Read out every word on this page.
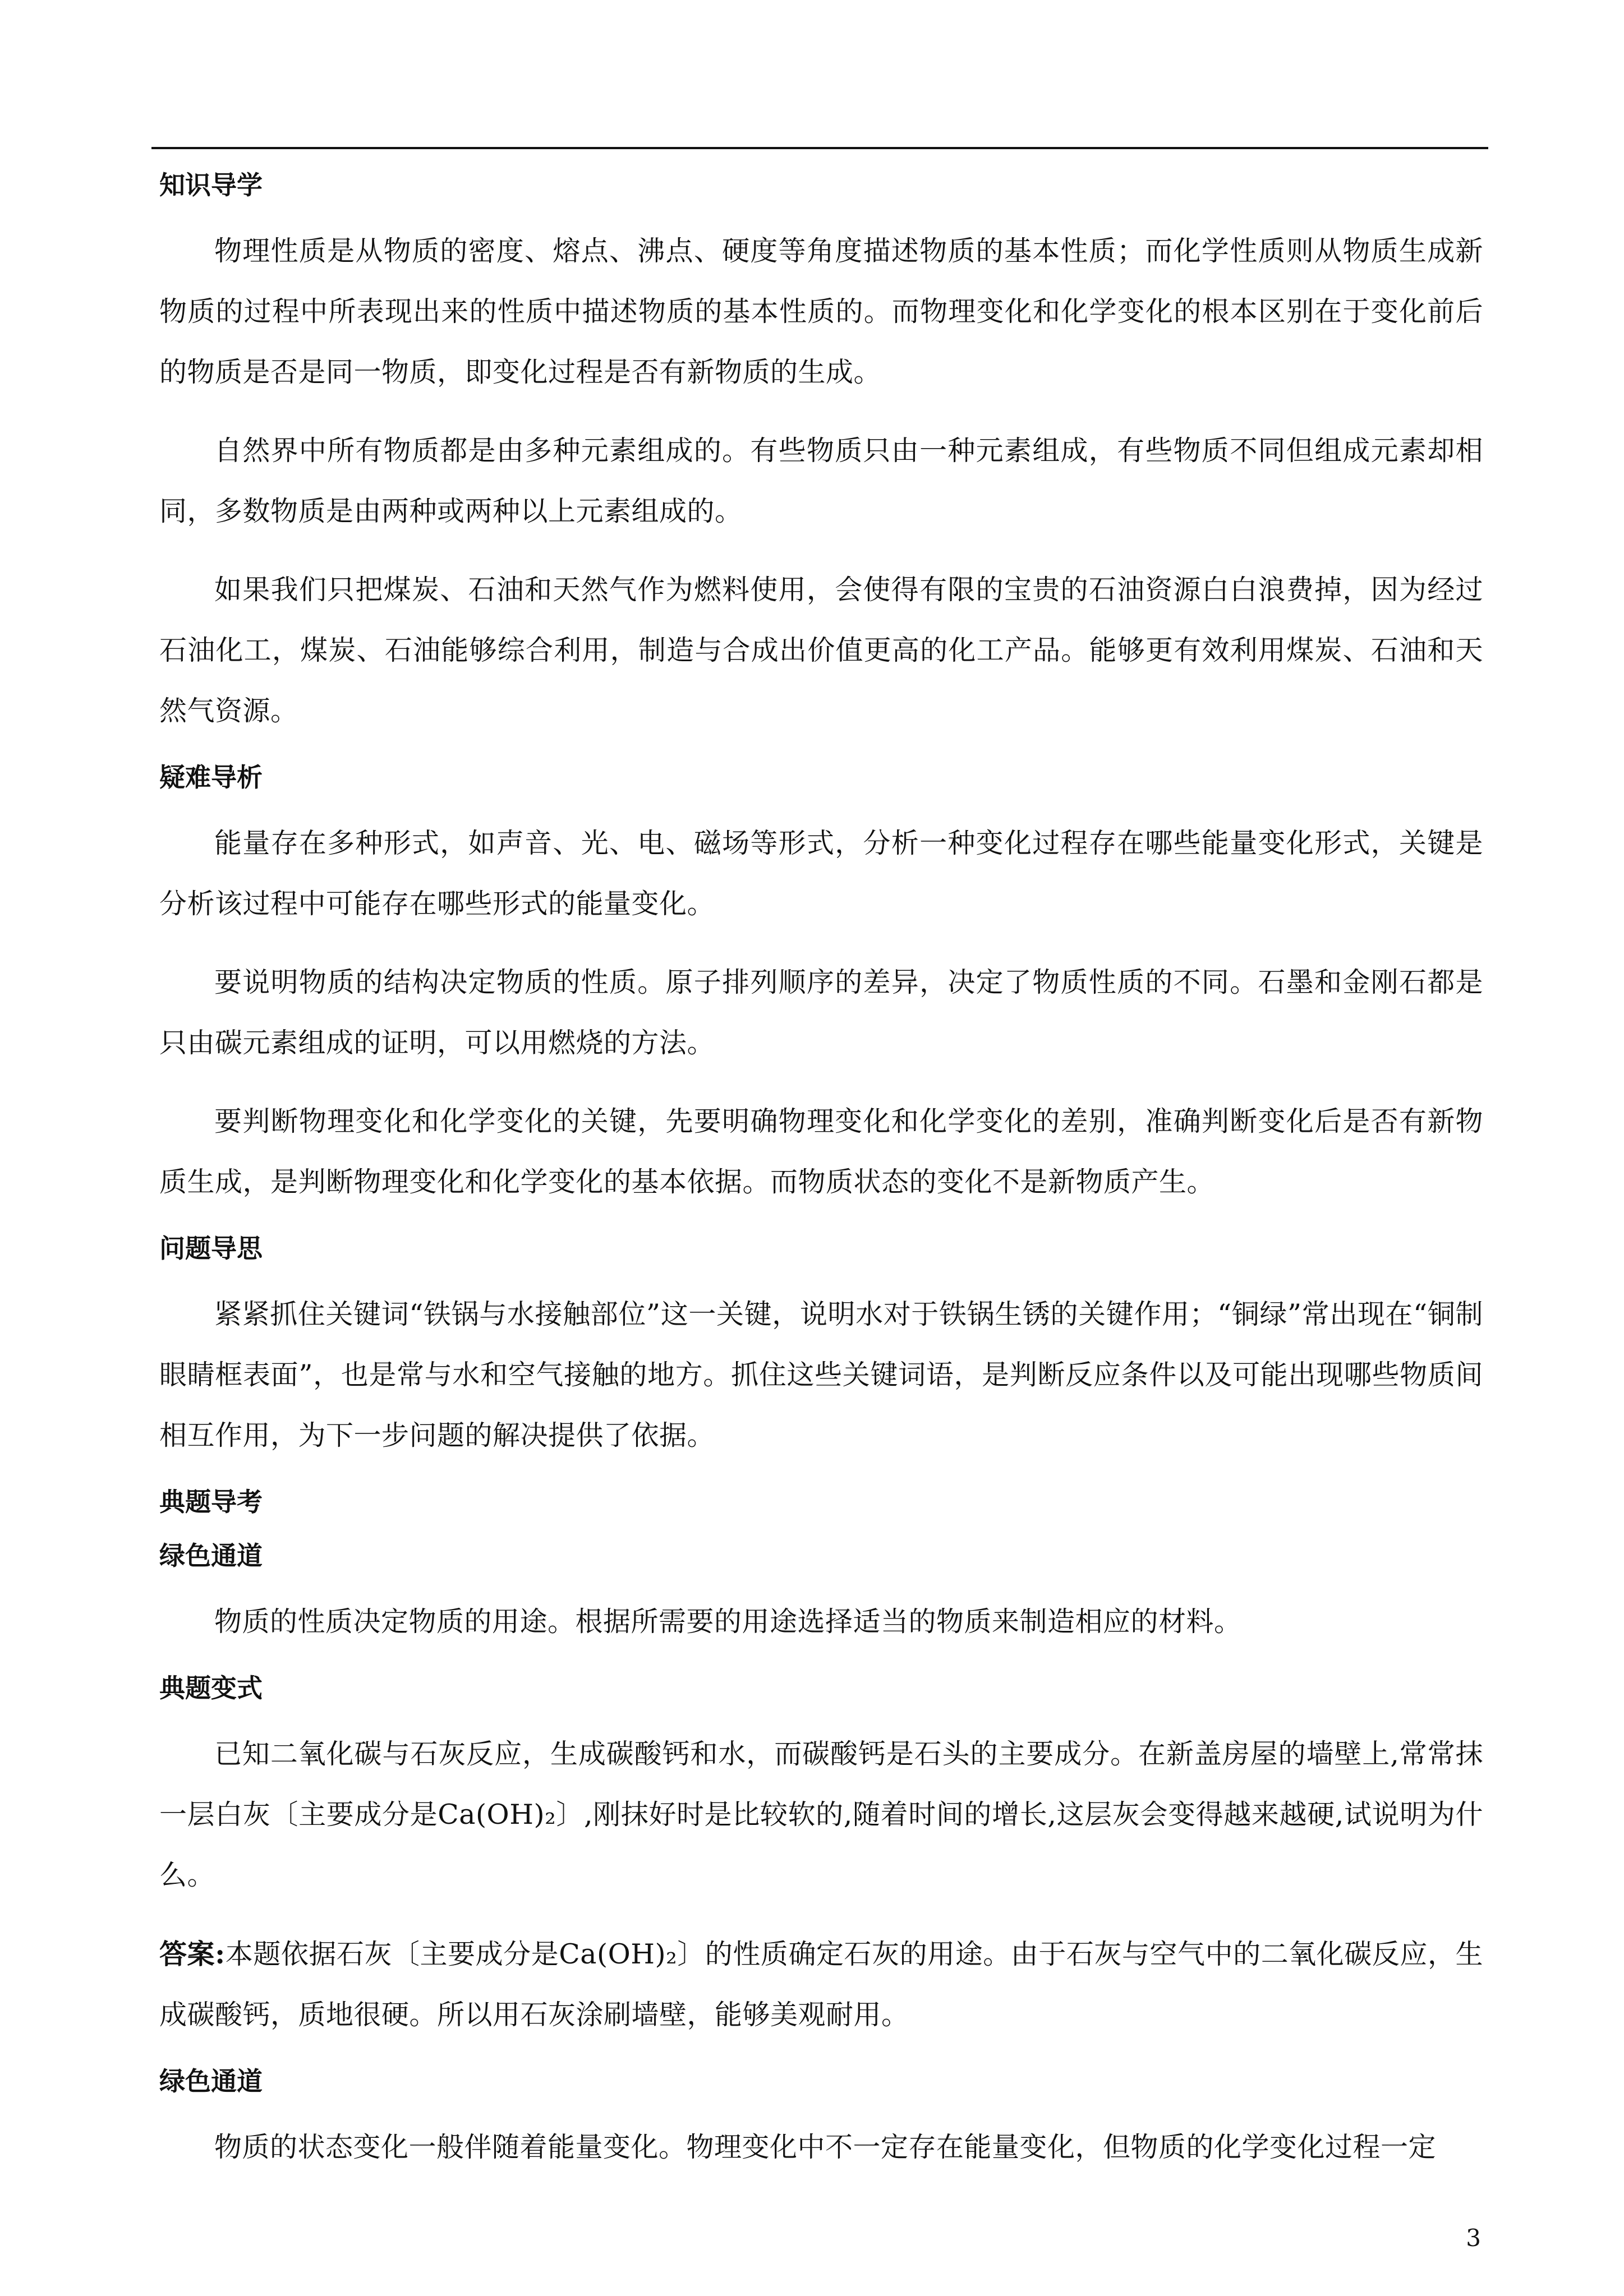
知识导学

物理性质是从物质的密度、熔点、沸点、硬度等角度描述物质的基本性质；而化学性质则从物质生成新物质的过程中所表现出来的性质中描述物质的基本性质的。而物理变化和化学变化的根本区别在于变化前后的物质是否是同一物质，即变化过程是否有新物质的生成。

自然界中所有物质都是由多种元素组成的。有些物质只由一种元素组成，有些物质不同但组成元素却相同，多数物质是由两种或两种以上元素组成的。

如果我们只把煤炭、石油和天然气作为燃料使用，会使得有限的宝贵的石油资源白白浪费掉，因为经过石油化工，煤炭、石油能够综合利用，制造与合成出价值更高的化工产品。能够更有效利用煤炭、石油和天然气资源。

疑难导析

能量存在多种形式，如声音、光、电、磁场等形式，分析一种变化过程存在哪些能量变化形式，关键是分析该过程中可能存在哪些形式的能量变化。

要说明物质的结构决定物质的性质。原子排列顺序的差异，决定了物质性质的不同。石墨和金刚石都是只由碳元素组成的证明，可以用燃烧的方法。

要判断物理变化和化学变化的关键，先要明确物理变化和化学变化的差别，准确判断变化后是否有新物质生成，是判断物理变化和化学变化的基本依据。而物质状态的变化不是新物质产生。

问题导思

紧紧抓住关键词“铁锅与水接触部位”这一关键，说明水对于铁锅生锈的关键作用；“铜绿”常出现在“铜制眼睛框表面”，也是常与水和空气接触的地方。抓住这些关键词语，是判断反应条件以及可能出现哪些物质间相互作用，为下一步问题的解决提供了依据。

典题导考
绿色通道

物质的性质决定物质的用途。根据所需要的用途选择适当的物质来制造相应的材料。

典题变式

已知二氧化碳与石灰反应，生成碳酸钙和水，而碳酸钙是石头的主要成分。在新盖房屋的墙壁上,常常抹一层白灰〔主要成分是Ca(OH)₂〕,刚抹好时是比较软的,随着时间的增长,这层灰会变得越来越硬,试说明为什么。

答案:本题依据石灰〔主要成分是Ca(OH)₂〕的性质确定石灰的用途。由于石灰与空气中的二氧化碳反应，生成碳酸钙，质地很硬。所以用石灰涂刷墙壁，能够美观耐用。

绿色通道

物质的状态变化一般伴随着能量变化。物理变化中不一定存在能量变化，但物质的化学变化过程一定

3
